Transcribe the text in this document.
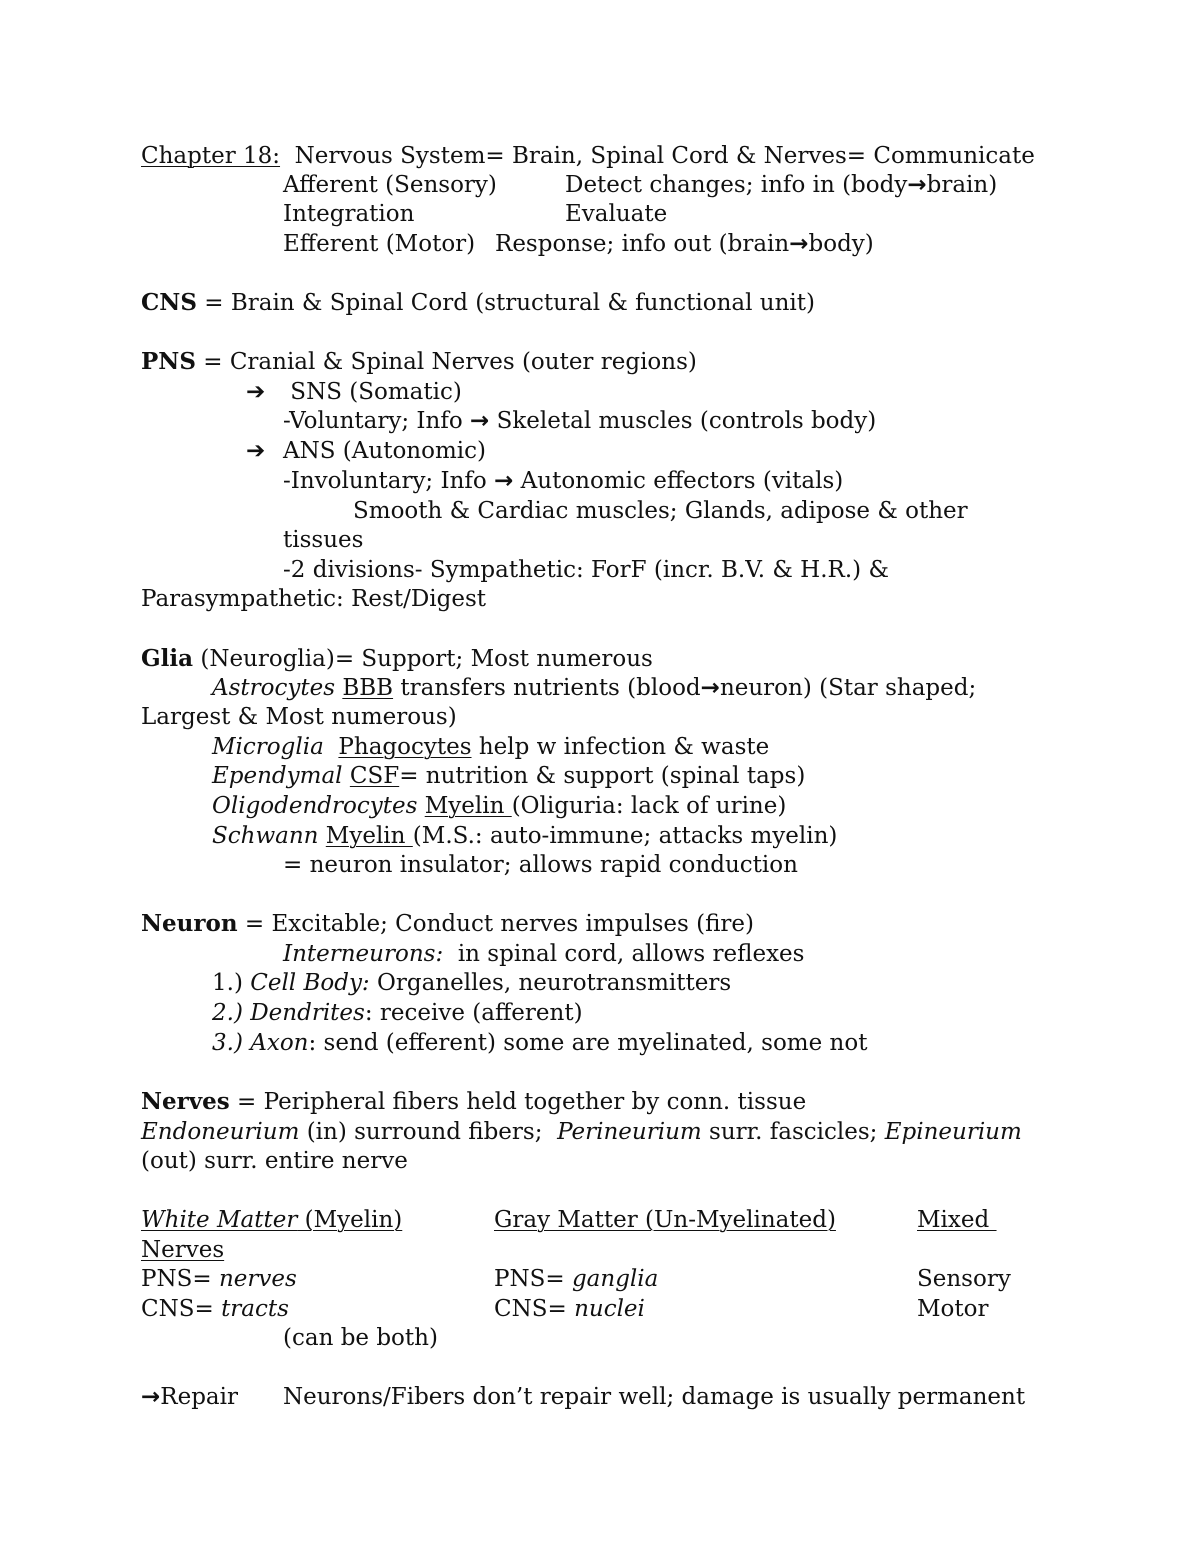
Chapter 18: Nervous System= Brain, Spinal Cord & Nerves= Communicate
Afferent (Sensory)	Detect changes; info in (body→brain)
Integration	Evaluate
Efferent (Motor) Response; info out (brain→body)
CNS = Brain & Spinal Cord (structural & functional unit)
PNS = Cranial & Spinal Nerves (outer regions)
➔ SNS (Somatic)
-Voluntary; Info → Skeletal muscles (controls body)
➔ ANS (Autonomic)
-Involuntary; Info → Autonomic effectors (vitals)
Smooth & Cardiac muscles; Glands, adipose & other
tissues
-2 divisions- Sympathetic: ForF (incr. B.V. & H.R.) &
Parasympathetic: Rest/Digest
Glia (Neuroglia)= Support; Most numerous
Astrocytes BBB transfers nutrients (blood→neuron) (Star shaped;
Largest & Most numerous)
Microglia Phagocytes help w infection & waste
Ependymal CSF= nutrition & support (spinal taps)
Oligodendrocytes Myelin (Oliguria: lack of urine)
Schwann Myelin (M.S.: auto-immune; attacks myelin)
= neuron insulator; allows rapid conduction
Neuron = Excitable; Conduct nerves impulses (fire)
Interneurons:  in spinal cord, allows reflexes
1.) Cell Body: Organelles, neurotransmitters
2.) Dendrites: receive (afferent)
3.) Axon: send (efferent) some are myelinated, some not
Nerves = Peripheral fibers held together by conn. tissue
Endoneurium (in) surround fibers;  Perineurium surr. fascicles; Epineurium
(out) surr. entire nerve
White Matter (Myelin)	Gray Matter (Un-Myelinated)	Mixed
Nerves
PNS= nerves	PNS= ganglia	Sensory
CNS= tracts	CNS= nuclei	Motor
(can be both)
→Repair Neurons/Fibers don’t repair well; damage is usually permanent
